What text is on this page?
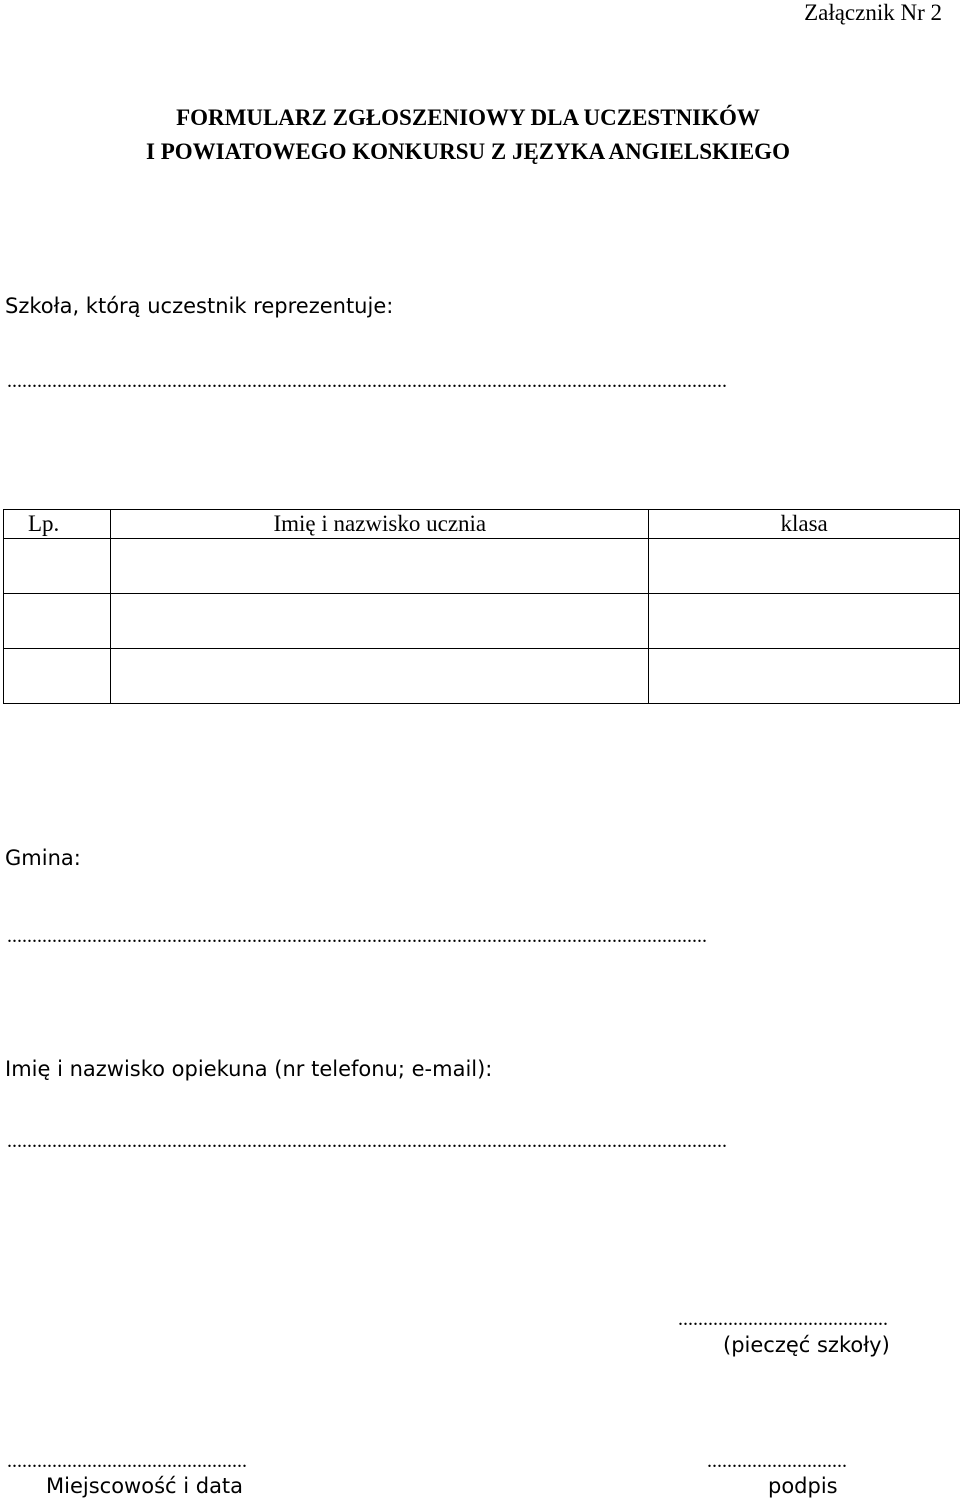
Załącznik Nr 2
FORMULARZ ZGŁOSZENIOWY DLA UCZESTNIKÓW
I POWIATOWEGO KONKURSU Z JĘZYKA ANGIELSKIEGO
Szkoła, którą uczestnik reprezentuje:
................................................................................................................................................
Lp.	Imię i nazwisko ucznia	klasa

Gmina:
............................................................................................................................................
Imię i nazwisko opiekuna (nr telefonu; e-mail):
................................................................................................................................................
..........................................
(pieczęć szkoły)
................................................
Miejscowość i data
............................
podpis
